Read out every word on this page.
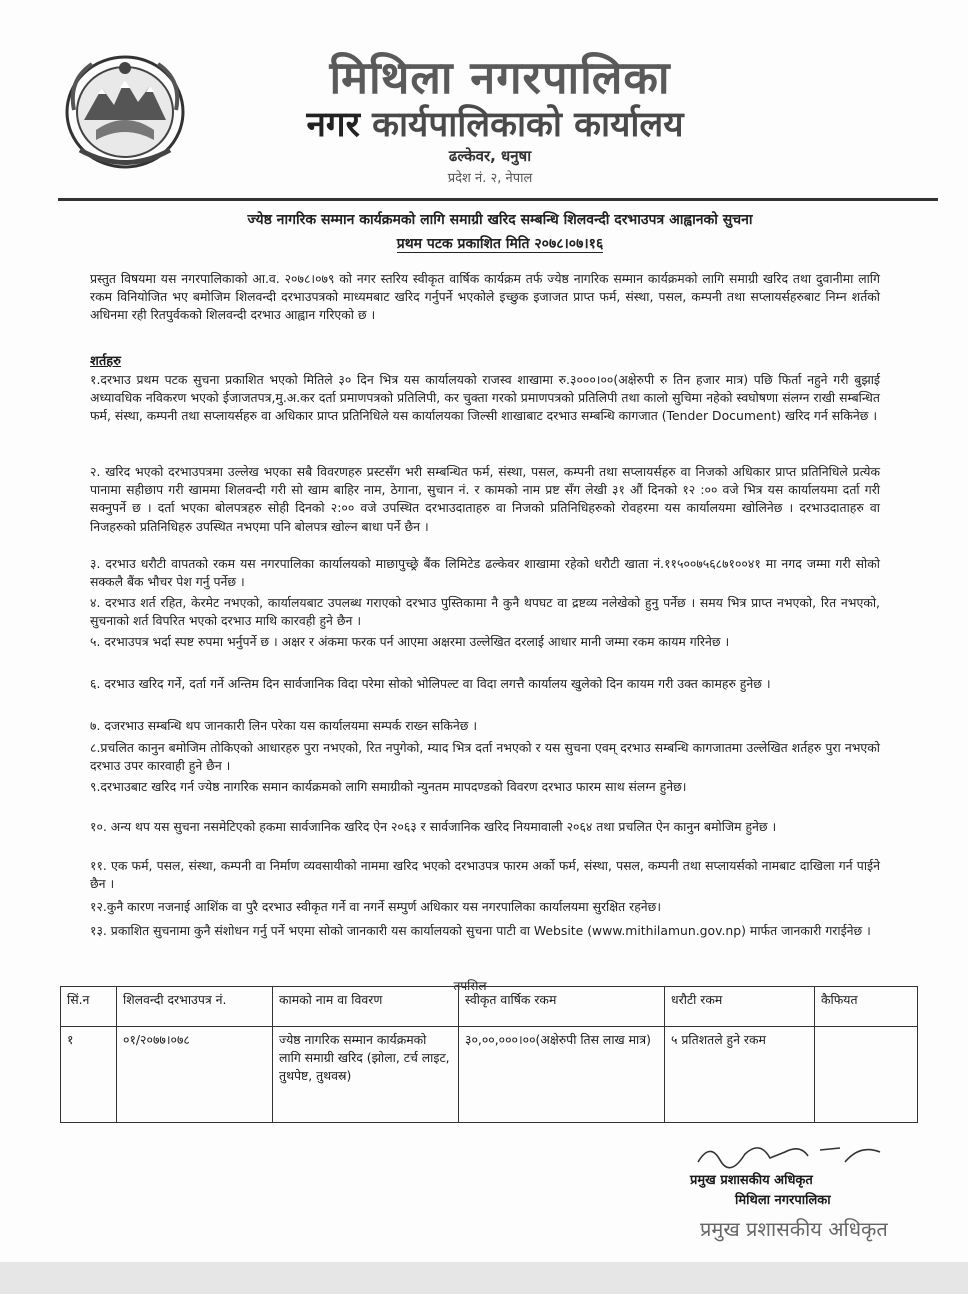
मिथिला नगरपालिका
नगर कार्यपालिकाको कार्यालय
ढल्केवर, धनुषा
प्रदेश नं. २, नेपाल
ज्येष्ठ नागरिक सम्मान कार्यक्रमको लागि समाग्री खरिद सम्बन्धि शिलवन्दी दरभाउपत्र आह्वानको सुचना
प्रथम पटक प्रकाशित मिति २०७८।०७।१६
प्रस्तुत विषयमा यस नगरपालिकाको आ.व. २०७८।०७९ को नगर स्तरिय स्वीकृत वार्षिक कार्यक्रम तर्फ ज्येष्ठ नागरिक सम्मान कार्यक्रमको लागि समाग्री खरिद तथा दुवानीमा लागि रकम विनियोजित भए बमोजिम शिलवन्दी दरभाउपत्रको माध्यमबाट खरिद गर्नुपर्ने भएकोले इच्छुक इजाजत प्राप्त फर्म, संस्था, पसल, कम्पनी तथा सप्लायर्सहरुबाट निम्न शर्तको अधिनमा रही रितपुर्वकको शिलवन्दी दरभाउ आह्वान गरिएको छ ।
शर्तहरु
१.दरभाउ प्रथम पटक सुचना प्रकाशित भएको मितिले ३० दिन भित्र यस कार्यालयको राजस्व शाखामा रु.३०००।००(अक्षेरुपी रु तिन हजार मात्र) पछि फिर्ता नहुने गरी बुझाई अध्यावधिक नविकरण भएको ईजाजतपत्र,मु.अ.कर दर्ता प्रमाणपत्रको प्रतिलिपी, कर चुक्ता गरको प्रमाणपत्रको प्रतिलिपी तथा कालो सुचिमा नहेको स्वघोषणा संलग्न राखी सम्बन्धित फर्म, संस्था, कम्पनी तथा सप्लायर्सहरु वा अधिकार प्राप्त प्रतिनिधिले यस कार्यालयका जिल्सी शाखाबाट दरभाउ सम्बन्धि कागजात (Tender Document) खरिद गर्न सकिनेछ ।
२. खरिद भएको दरभाउपत्रमा उल्लेख भएका सबै विवरणहरु प्रस्टसँग भरी सम्बन्धित फर्म, संस्था, पसल, कम्पनी तथा सप्लायर्सहरु वा निजको अधिकार प्राप्त प्रतिनिधिले प्रत्येक पानामा सहीछाप गरी खाममा शिलवन्दी गरी सो खाम बाहिर नाम, ठेगाना, सुचान नं. र कामको नाम प्रष्ट सँग लेखी ३१ औं दिनको १२ :०० वजे भित्र यस कार्यालयमा दर्ता गरी सक्नुपर्ने छ । दर्ता भएका बोलपत्रहरु सोही दिनको २:०० वजे उपस्थित दरभाउदाताहरु वा निजको प्रतिनिधिहरुको रोवहरमा यस कार्यालयमा खोलिनेछ । दरभाउदाताहरु वा निजहरुको प्रतिनिधिहरु उपस्थित नभएमा पनि बोलपत्र खोल्न बाधा पर्ने छैन ।
३. दरभाउ धरौटी वापतको रकम यस नगरपालिका कार्यालयको माछापुच्छ्रे बैंक लिमिटेड ढल्केवर शाखामा रहेको धरौटी खाता नं.११५००७५६८७१००४१ मा नगद जम्मा गरी सोको सक्कलै बैंक भौचर पेश गर्नु पर्नेछ ।
४. दरभाउ शर्त रहित, केरमेट नभएको, कार्यालयबाट उपलब्ध गराएको दरभाउ पुस्तिकामा नै कुनै थपघट वा द्रष्टव्य नलेखेको हुनु पर्नेछ । समय भित्र प्राप्त नभएको, रित नभएको, सुचनाको शर्त विपरित भएको दरभाउ माथि कारवही हुने छैन ।
५. दरभाउपत्र भर्दा स्पष्ट रुपमा भर्नुपर्ने छ । अक्षर र अंकमा फरक पर्न आएमा अक्षरमा उल्लेखित दरलाई आधार मानी जम्मा रकम कायम गरिनेछ ।
६. दरभाउ खरिद गर्ने, दर्ता गर्ने अन्तिम दिन सार्वजानिक विदा परेमा सोको भोलिपल्ट वा विदा लगत्तै कार्यालय खुलेको दिन कायम गरी उक्त कामहरु हुनेछ ।
७. दजरभाउ सम्बन्धि थप जानकारी लिन परेका यस कार्यालयमा सम्पर्क राख्न सकिनेछ ।
८.प्रचलित कानुन बमोजिम तोकिएको आधारहरु पुरा नभएको, रित नपुगेको, म्याद भित्र दर्ता नभएको र यस सुचना एवम् दरभाउ सम्बन्धि कागजातमा उल्लेखित शर्तहरु पुरा नभएको दरभाउ उपर कारवाही हुने छैन ।
९.दरभाउबाट खरिद गर्न ज्येष्ठ नागरिक समान कार्यक्रमको लागि समाग्रीको न्युनतम मापदण्डको विवरण दरभाउ फारम साथ संलग्न हुनेछ।
१०. अन्य थप यस सुचना नसमेटिएको हकमा सार्वजानिक खरिद ऐन २०६३ र सार्वजानिक खरिद नियमावाली २०६४ तथा प्रचलित ऐन कानुन बमोजिम हुनेछ ।
११. एक फर्म, पसल, संस्था, कम्पनी वा निर्माण व्यवसायीको नाममा खरिद भएको दरभाउपत्र फारम अर्को फर्म, संस्था, पसल, कम्पनी तथा सप्लायर्सको नामबाट दाखिला गर्न पाईने छैन ।
१२.कुनै कारण नजनाई आशिंक वा पुरै दरभाउ स्वीकृत गर्ने वा नगर्ने सम्पुर्ण अधिकार यस नगरपालिका कार्यालयमा सुरक्षित रहनेछ।
१३. प्रकाशित सुचनामा कुनै संशोधन गर्नु पर्ने भएमा सोको जानकारी यस कार्यालयको सुचना पाटी वा Website (www.mithilamun.gov.np) मार्फत जानकारी गराईनेछ ।
तपसिल
सिं.न	शिलवन्दी दरभाउपत्र नं.	कामको नाम वा विवरण	स्वीकृत वार्षिक रकम	धरौटी रकम	कैफियत
१	०१/२०७७।०७८	ज्येष्ठ नागरिक सम्मान कार्यक्रमको लागि समाग्री खरिद (झोला, टर्च लाइट, तुथपेष्ट, तुथवस्र)	३०,००,०००।००(अक्षेरुपी तिस लाख मात्र)	५ प्रतिशतले हुने रकम	
प्रमुख प्रशासकीय अधिकृत
मिथिला नगरपालिका
प्रमुख प्रशासकीय अधिकृत
